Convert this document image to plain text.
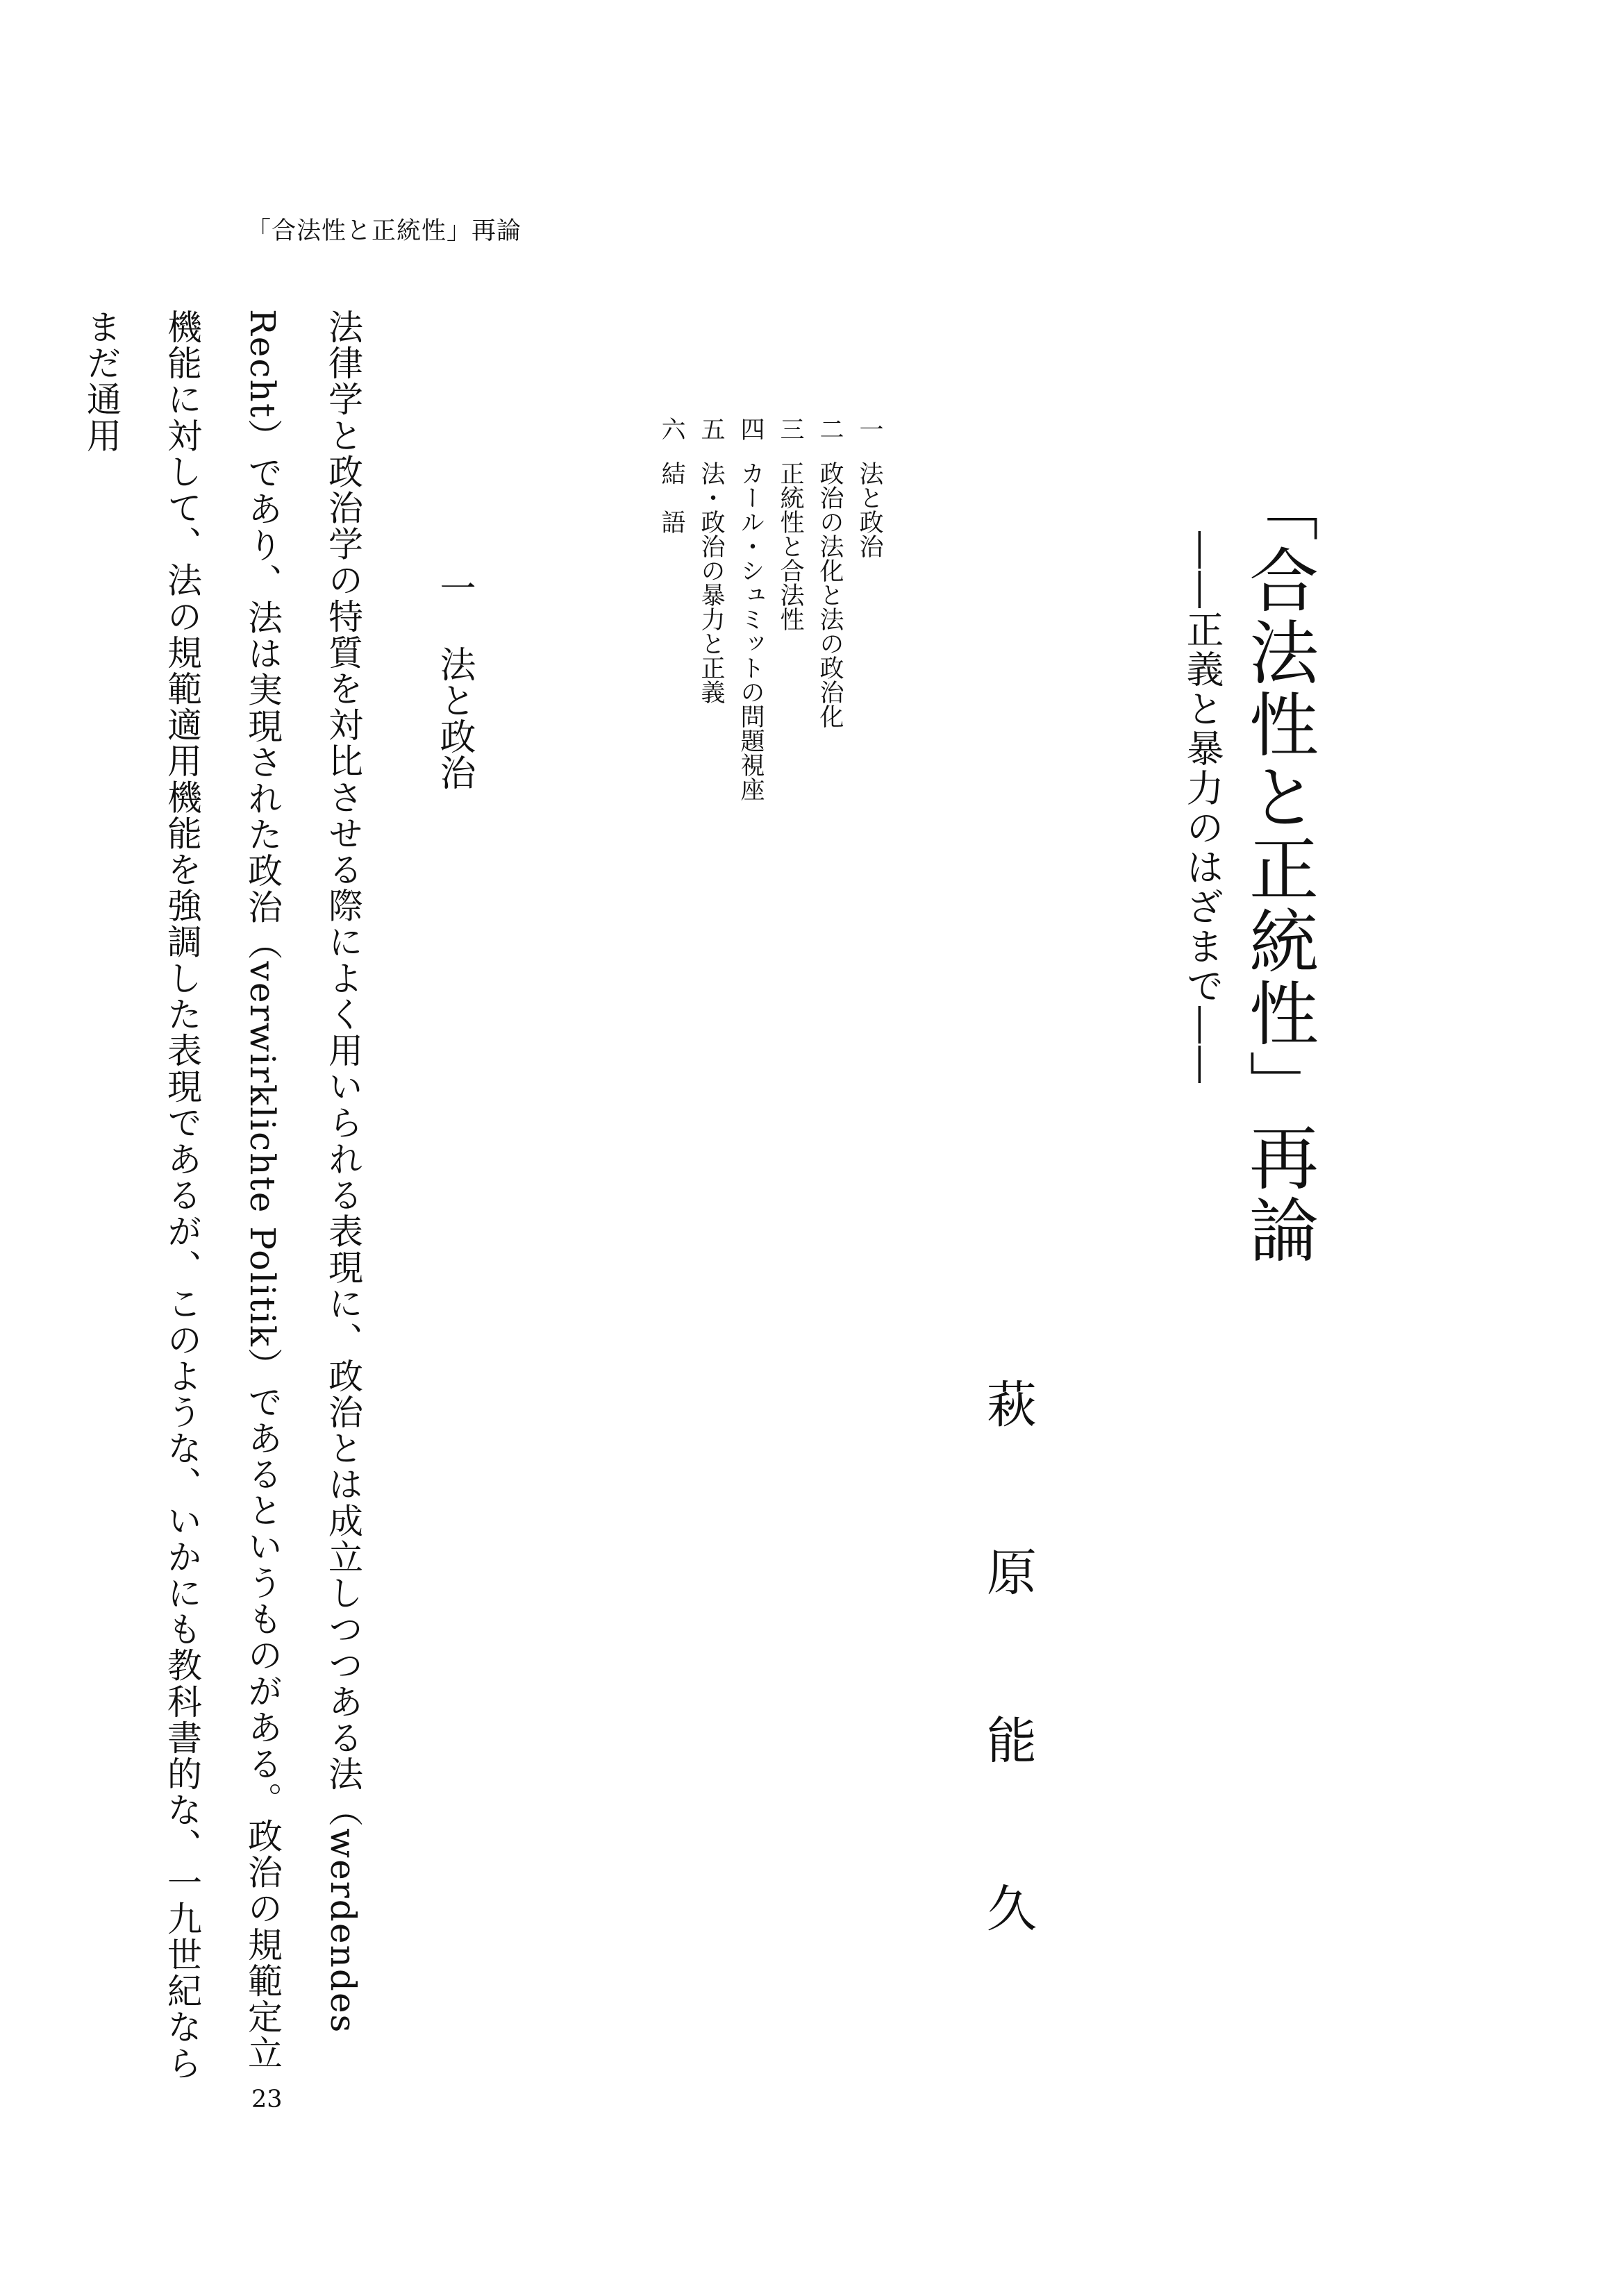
「合法性と正統性」再論
「合法性と正統性」再論
――正義と暴力のはざまで――
萩原能久
一法と政治
二政治の法化と法の政治化
三正統性と合法性
四カール・シュミットの問題視座
五法・政治の暴力と正義
六結　語
一法と政治
法律学と政治学の特質を対比させる際によく用いられる表現に、政治とは成立しつつある法（werdendes Recht）であり、法は実現された政治（verwirklichte Politik）であるというものがある。政治の規範定立機能に対して、法の規範適用機能を強調した表現であるが、このような、いかにも教科書的な、一九世紀ならまだ通用
23
